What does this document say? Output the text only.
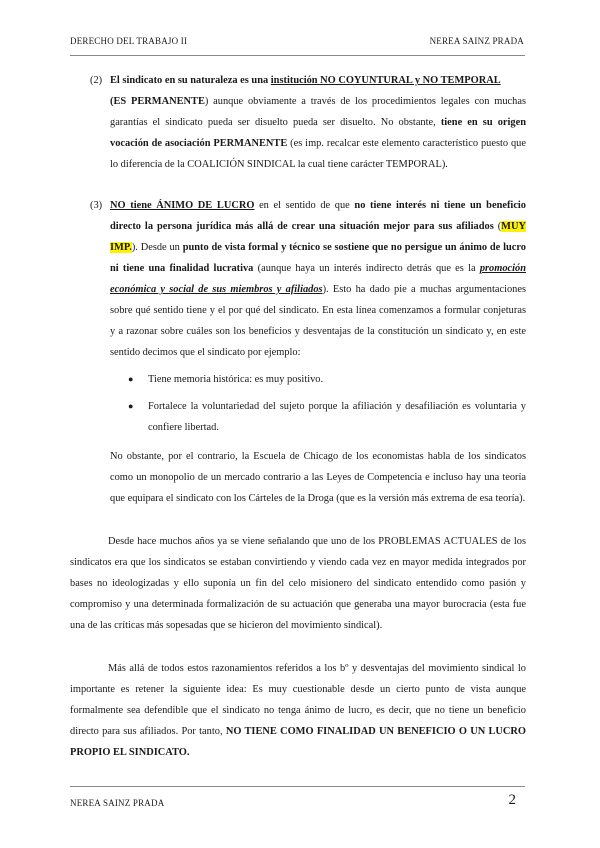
DERECHO DEL TRABAJO II	NEREA SAINZ PRADA
(2) El sindicato en su naturaleza es una institución NO COYUNTURAL y NO TEMPORAL
(ES PERMANENTE) aunque obviamente a través de los procedimientos legales con muchas garantías el sindicato pueda ser disuelto pueda ser disuelto. No obstante, tiene en su origen vocación de asociación PERMANENTE (es imp. recalcar este elemento característico puesto que lo diferencia de la COALICIÓN SINDICAL la cual tiene carácter TEMPORAL).
(3) NO tiene ÁNIMO DE LUCRO en el sentido de que no tiene interés ni tiene un beneficio directo la persona jurídica más allá de crear una situación mejor para sus afiliados (MUY IMP.). Desde un punto de vista formal y técnico se sostiene que no persigue un ánimo de lucro ni tiene una finalidad lucrativa (aunque haya un interés indirecto detrás que es la promoción económica y social de sus miembros y afiliados). Esto ha dado pie a muchas argumentaciones sobre qué sentido tiene y el por qué del sindicato. En esta línea comenzamos a formular conjeturas y a razonar sobre cuáles son los beneficios y desventajas de la constitución un sindicato y, en este sentido decimos que el sindicato por ejemplo:
● Tiene memoria histórica: es muy positivo.
● Fortalece la voluntariedad del sujeto porque la afiliación y desafiliación es voluntaria y confiere libertad.

No obstante, por el contrario, la Escuela de Chicago de los economistas habla de los sindicatos como un monopolio de un mercado contrario a las Leyes de Competencia e incluso hay una teoría que equipara el sindicato con los Cárteles de la Droga (que es la versión más extrema de esa teoría).

Desde hace muchos años ya se viene señalando que uno de los PROBLEMAS ACTUALES de los sindicatos era que los sindicatos se estaban convirtiendo y viendo cada vez en mayor medida integrados por bases no ideologizadas y ello suponía un fin del celo misionero del sindicato entendido como pasión y compromiso y una determinada formalización de su actuación que generaba una mayor burocracia (esta fue una de las críticas más sopesadas que se hicieron del movimiento sindical).

Más allá de todos estos razonamientos referidos a los bº y desventajas del movimiento sindical lo importante es retener la siguiente idea: Es muy cuestionable desde un cierto punto de vista aunque formalmente sea defendible que el sindicato no tenga ánimo de lucro, es decir, que no tiene un beneficio directo para sus afiliados. Por tanto, NO TIENE COMO FINALIDAD UN BENEFICIO O UN LUCRO PROPIO EL SINDICATO.

NEREA SAINZ PRADA	2
